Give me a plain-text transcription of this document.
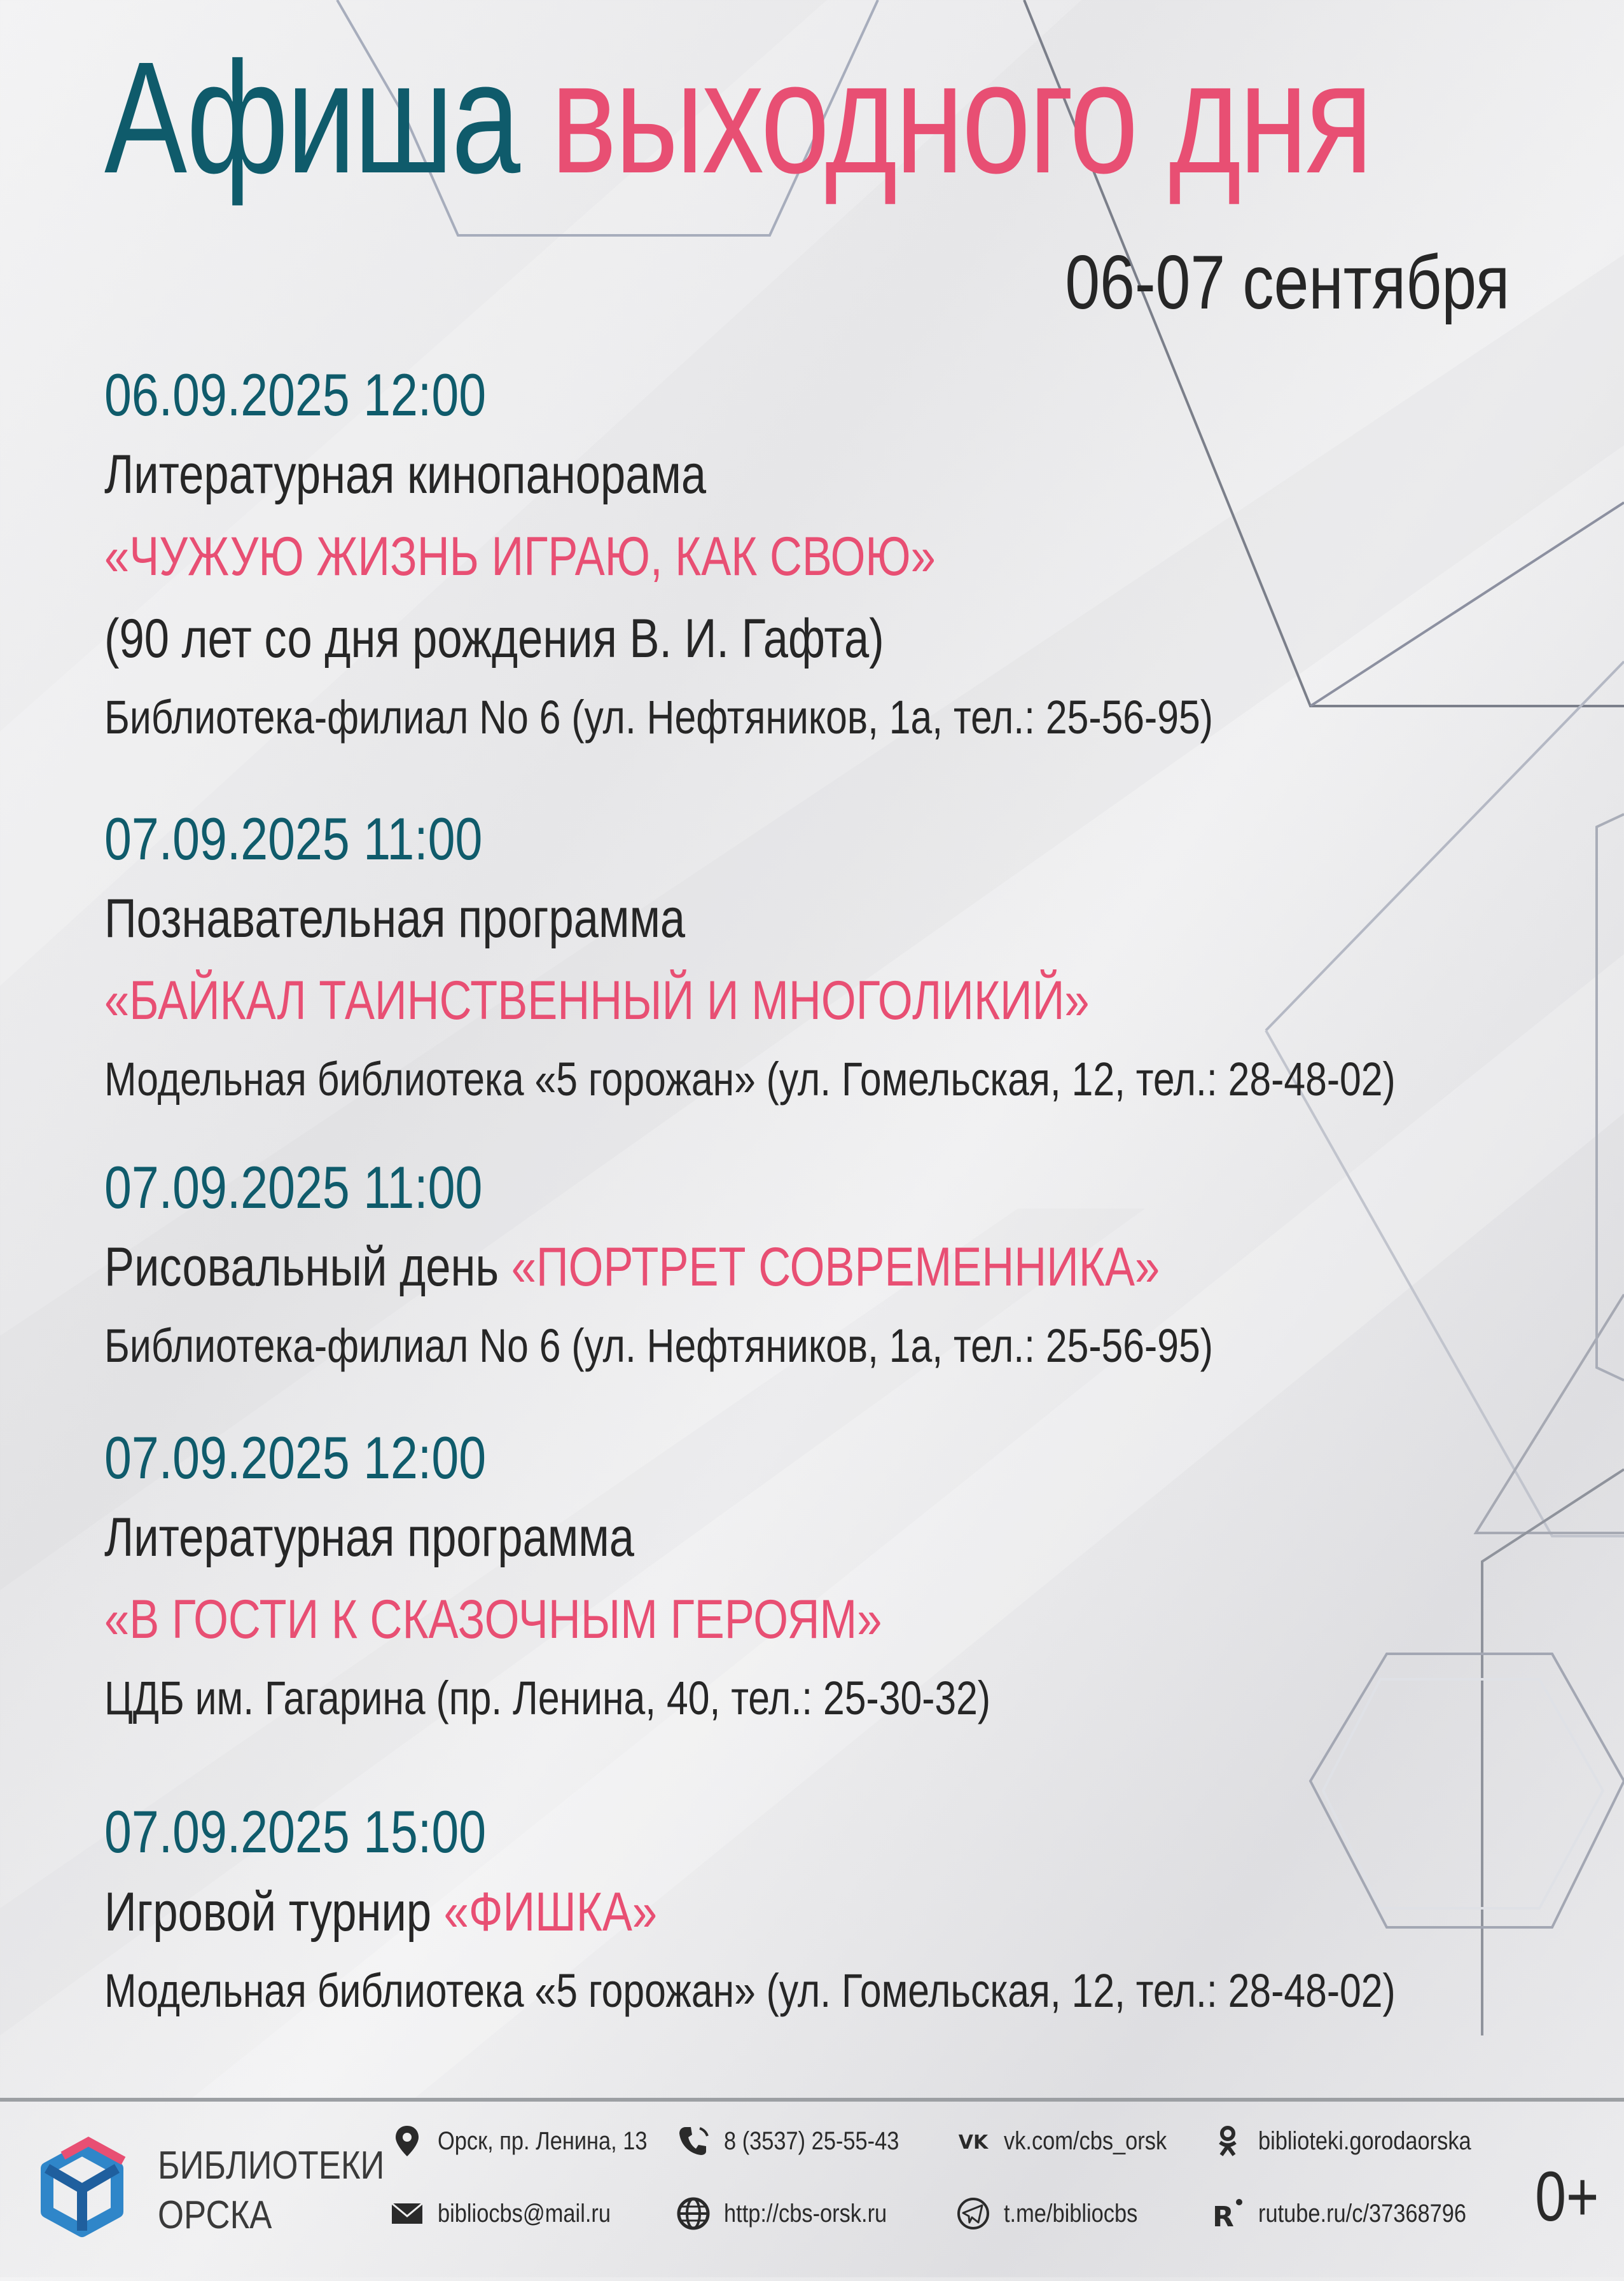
Афиша выходного дня
06-07 сентября
06.09.2025 12:00
Литературная кинопанорама
«ЧУЖУЮ ЖИЗНЬ ИГРАЮ, КАК СВОЮ»
(90 лет со дня рождения В. И. Гафта)
Библиотека-филиал No 6 (ул. Нефтяников, 1а, тел.: 25-56-95)
07.09.2025 11:00
Познавательная программа
«БАЙКАЛ ТАИНСТВЕННЫЙ И МНОГОЛИКИЙ»
Модельная библиотека «5 горожан» (ул. Гомельская, 12, тел.: 28-48-02)
07.09.2025 11:00
Рисовальный день «ПОРТРЕТ СОВРЕМЕННИКА»
Библиотека-филиал No 6 (ул. Нефтяников, 1а, тел.: 25-56-95)
07.09.2025 12:00
Литературная программа
«В ГОСТИ К СКАЗОЧНЫМ ГЕРОЯМ»
ЦДБ им. Гагарина (пр. Ленина, 40, тел.: 25-30-32)
07.09.2025 15:00
Игровой турнир «ФИШКА»
Модельная библиотека «5 горожан» (ул. Гомельская, 12, тел.: 28-48-02)
БИБЛИОТЕКИ
ОРСКА
Орск, пр. Ленина, 13	8 (3537) 25-55-43	VK vk.com/cbs_orsk	biblioteki.gorodaorska
bibliocbs@mail.ru	http://cbs-orsk.ru	t.me/bibliocbs	R rutube.ru/c/37368796 0+
